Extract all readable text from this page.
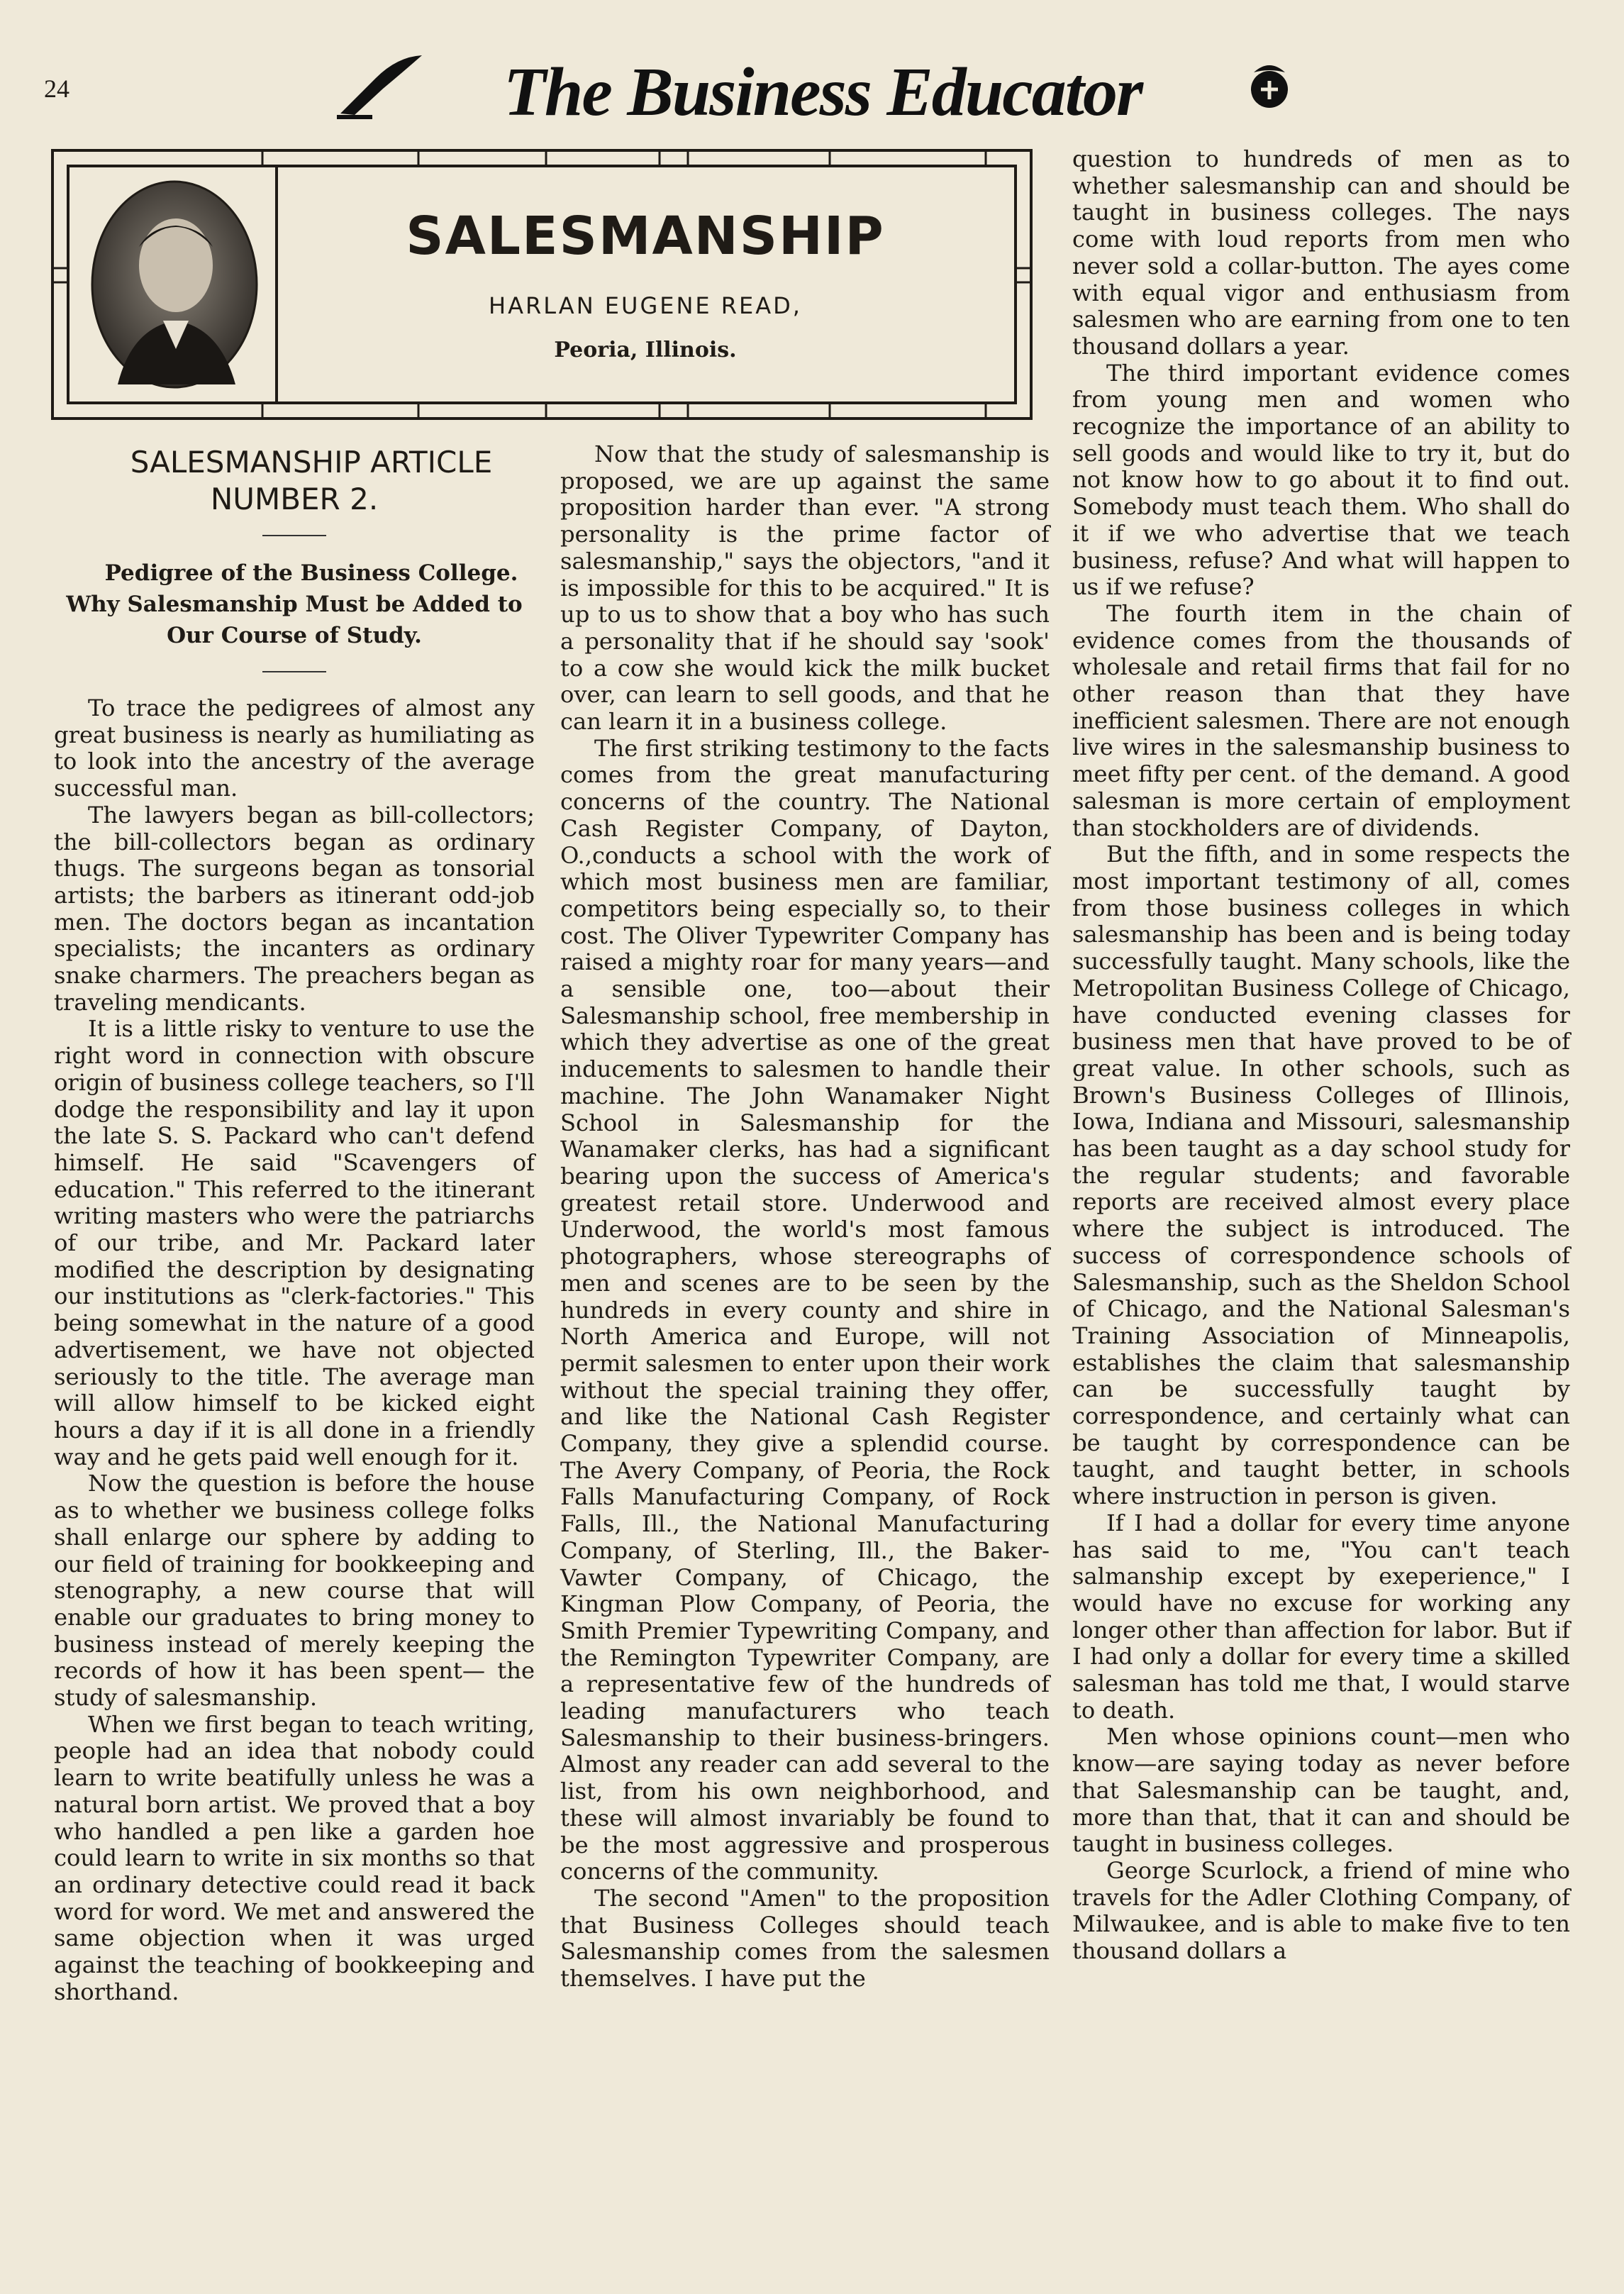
24	The Business Educator
SALESMANSHIP
HARLAN EUGENE READ,
Peoria, Illinois.

SALESMANSHIP ARTICLE NUMBER 2.

Pedigree of the Business College. Why Salesmanship Must be Added to Our Course of Study.

To trace the pedigrees of almost any great business is nearly as humiliating as to look into the ancestry of the average successful man.

The lawyers began as bill-collectors; the bill-collectors began as ordinary thugs. The surgeons began as tonsorial artists; the barbers as itinerant odd-job men. The doctors began as incantation specialists; the incanters as ordinary snake charmers. The preachers began as traveling mendicants.

It is a little risky to venture to use the right word in connection with obscure origin of business college teachers, so I'll dodge the responsibility and lay it upon the late S. S. Packard who can't defend himself. He said "Scavengers of education." This referred to the itinerant writing masters who were the patriarchs of our tribe, and Mr. Packard later modified the description by designating our institutions as "clerk-factories." This being somewhat in the nature of a good advertisement, we have not objected seriously to the title. The average man will allow himself to be kicked eight hours a day if it is all done in a friendly way and he gets paid well enough for it.

Now the question is before the house as to whether we business college folks shall enlarge our sphere by adding to our field of training for bookkeeping and stenography, a new course that will enable our graduates to bring money to business instead of merely keeping the records of how it has been spent— the study of salesmanship.

When we first began to teach writing, people had an idea that nobody could learn to write beatifully unless he was a natural born artist. We proved that a boy who handled a pen like a garden hoe could learn to write in six months so that an ordinary detective could read it back word for word. We met and answered the same objection when it was urged against the teaching of bookkeeping and shorthand.

Now that the study of salesmanship is proposed, we are up against the same proposition harder than ever. "A strong personality is the prime factor of salesmanship," says the objectors, "and it is impossible for this to be acquired." It is up to us to show that a boy who has such a personality that if he should say 'sook' to a cow she would kick the milk bucket over, can learn to sell goods, and that he can learn it in a business college.

The first striking testimony to the facts comes from the great manufacturing concerns of the country. The National Cash Register Company, of Dayton, O.,conducts a school with the work of which most business men are familiar, competitors being especially so, to their cost. The Oliver Typewriter Company has raised a mighty roar for many years—and a sensible one, too—about their Salesmanship school, free membership in which they advertise as one of the great inducements to salesmen to handle their machine. The John Wanamaker Night School in Salesmanship for the Wanamaker clerks, has had a significant bearing upon the success of America's greatest retail store. Underwood and Underwood, the world's most famous photographers, whose stereographs of men and scenes are to be seen by the hundreds in every county and shire in North America and Europe, will not permit salesmen to enter upon their work without the special training they offer, and like the National Cash Register Company, they give a splendid course. The Avery Company, of Peoria, the Rock Falls Manufacturing Company, of Rock Falls, Ill., the National Manufacturing Company, of Sterling, Ill., the Baker-Vawter Company, of Chicago, the Kingman Plow Company, of Peoria, the Smith Premier Typewriting Company, and the Remington Typewriter Company, are a representative few of the hundreds of leading manufacturers who teach Salesmanship to their business-bringers. Almost any reader can add several to the list, from his own neighborhood, and these will almost invariably be found to be the most aggressive and prosperous concerns of the community.

The second "Amen" to the proposition that Business Colleges should teach Salesmanship comes from the salesmen themselves. I have put the

question to hundreds of men as to whether salesmanship can and should be taught in business colleges. The nays come with loud reports from men who never sold a collar-button. The ayes come with equal vigor and enthusiasm from salesmen who are earning from one to ten thousand dollars a year.

The third important evidence comes from young men and women who recognize the importance of an ability to sell goods and would like to try it, but do not know how to go about it to find out. Somebody must teach them. Who shall do it if we who advertise that we teach business, refuse? And what will happen to us if we refuse?

The fourth item in the chain of evidence comes from the thousands of wholesale and retail firms that fail for no other reason than that they have inefficient salesmen. There are not enough live wires in the salesmanship business to meet fifty per cent. of the demand. A good salesman is more certain of employment than stockholders are of dividends.

But the fifth, and in some respects the most important testimony of all, comes from those business colleges in which salesmanship has been and is being today successfully taught. Many schools, like the Metropolitan Business College of Chicago, have conducted evening classes for business men that have proved to be of great value. In other schools, such as Brown's Business Colleges of Illinois, Iowa, Indiana and Missouri, salesmanship has been taught as a day school study for the regular students; and favorable reports are received almost every place where the subject is introduced. The success of correspondence schools of Salesmanship, such as the Sheldon School of Chicago, and the National Salesman's Training Association of Minneapolis, establishes the claim that salesmanship can be successfully taught by correspondence, and certainly what can be taught by correspondence can be taught, and taught better, in schools where instruction in person is given.

If I had a dollar for every time anyone has said to me, "You can't teach salmanship except by exeperience," I would have no excuse for working any longer other than affection for labor. But if I had only a dollar for every time a skilled salesman has told me that, I would starve to death.

Men whose opinions count—men who know—are saying today as never before that Salesmanship can be taught, and, more than that, that it can and should be taught in business colleges.

George Scurlock, a friend of mine who travels for the Adler Clothing Company, of Milwaukee, and is able to make five to ten thousand dollars a
